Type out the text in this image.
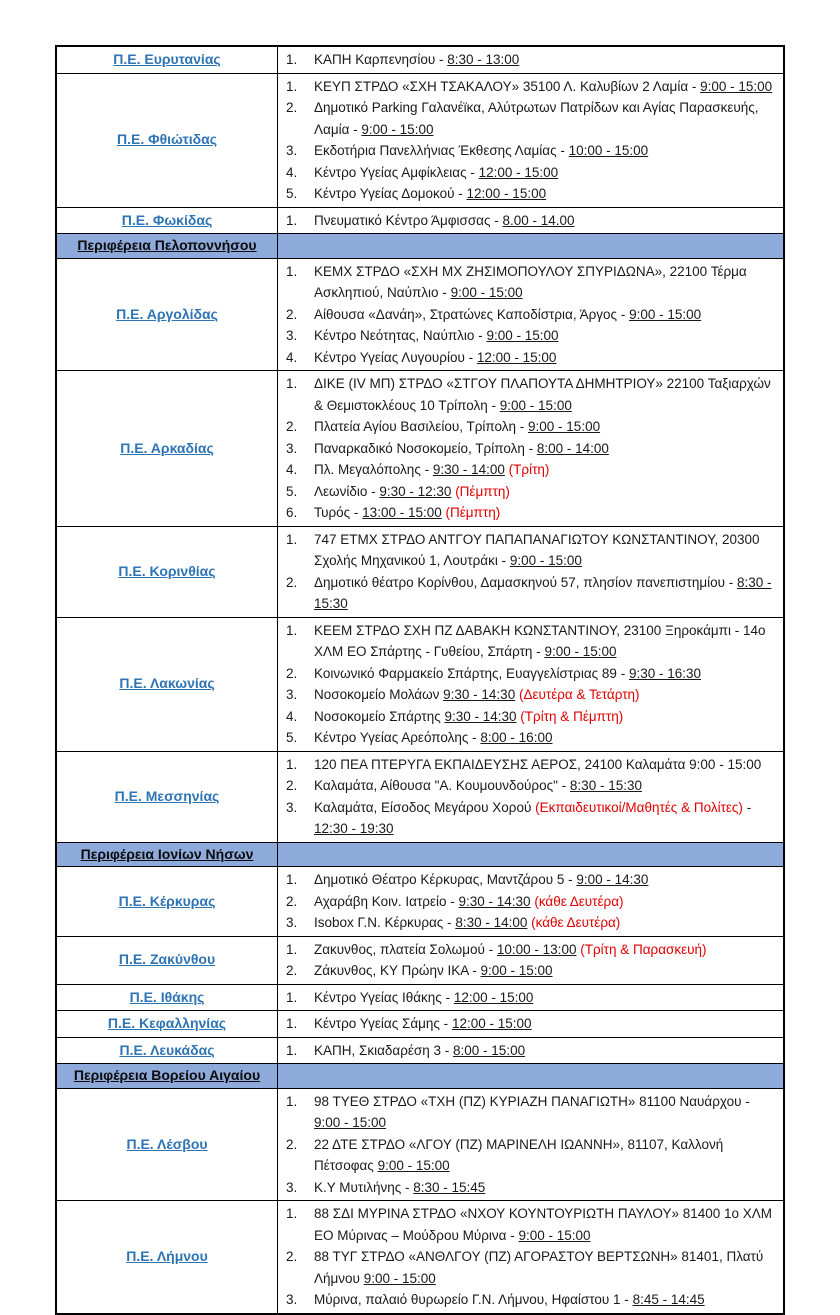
Π.Ε. Ευρυτανίας	1. ΚΑΠΗ Καρπενησίου - 8:30 - 13:00

Π.Ε. Φθιώτιδας	
1.	ΚΕΥΠ ΣΤΡΔΟ «ΣΧΗ ΤΣΑΚΑΛΟΥ» 35100 Λ. Καλυβίων 2 Λαμία - 9:00 - 15:00
2.	Δημοτικό Parking Γαλανέϊκα, Αλύτρωτων Πατρίδων και Αγίας Παρασκευής, Λαμία - 9:00 - 15:00
3.	Εκδοτήρια Πανελλήνιας Έκθεσης Λαμίας - 10:00 - 15:00
4.	Κέντρο Υγείας Αμφίκλειας - 12:00 - 15:00
5.	Κέντρο Υγείας Δομοκού - 12:00 - 15:00

Π.Ε. Φωκίδας	1. Πνευματικό Κέντρο Άμφισσας - 8.00 - 14.00

Περιφέρεια Πελοποννήσου	
Π.Ε. Αργολίδας	
1.	ΚΕΜΧ ΣΤΡΔΟ «ΣΧΗ ΜΧ ΖΗΣΙΜΟΠΟΥΛΟΥ ΣΠΥΡΙΔΩΝΑ», 22100 Τέρμα Ασκληπιού, Ναύπλιο - 9:00 - 15:00
2.	Αίθουσα «Δανάη», Στρατώνες Καποδίστρια, Άργος - 9:00 - 15:00
3.	Κέντρο Νεότητας, Ναύπλιο - 9:00 - 15:00
4.	Κέντρο Υγείας Λυγουρίου - 12:00 - 15:00

Π.Ε. Αρκαδίας	
1.	ΔΙΚΕ (ΙV ΜΠ) ΣΤΡΔΟ «ΣΤΓΟΥ ΠΛΑΠΟΥΤΑ ΔΗΜΗΤΡΙΟΥ» 22100 Ταξιαρχών & Θεμιστοκλέους 10 Τρίπολη - 9:00 - 15:00
2.	Πλατεία Αγίου Βασιλείου, Τρίπολη - 9:00 - 15:00
3.	Παναρκαδικό Νοσοκομείο, Τρίπολη - 8:00 - 14:00
4.	Πλ. Μεγαλόπολης - 9:30 - 14:00 (Τρίτη)
5.	Λεωνίδιο - 9:30 - 12:30 (Πέμπτη)
6.	Τυρός - 13:00 - 15:00 (Πέμπτη)

Π.Ε. Κορινθίας	1. 747 ΕΤΜΧ ΣΤΡΔΟ ΑΝΤΓΟΥ ΠΑΠΑΠΑΝΑΓΙΩΤΟΥ ΚΩΝΣΤΑΝΤΙΝΟΥ, 20300 Σχολής Μηχανικού 1, Λουτράκι - 9:00 - 15:00
2. Δημοτικό θέατρο Κορίνθου, Δαμασκηνού 57, πλησίον πανεπιστημίου - 8:30 - 15:30

Π.Ε. Λακωνίας	
1.	ΚΕΕΜ ΣΤΡΔΟ ΣΧΗ ΠΖ ΔΑΒΑΚΗ ΚΩΝΣΤΑΝΤΙΝΟΥ, 23100 Ξηροκάμπι - 14ο ΧΛΜ ΕΟ Σπάρτης - Γυθείου, Σπάρτη - 9:00 - 15:00
2.	Κοινωνικό Φαρμακείο Σπάρτης, Ευαγγελίστριας 89 - 9:30 - 16:30
3.	Νοσοκομείο Μολάων 9:30 - 14:30 (Δευτέρα & Τετάρτη)
4.	Νοσοκομείο Σπάρτης 9:30 - 14:30 (Τρίτη & Πέμπτη)
5.	Κέντρο Υγείας Αρεόπολης - 8:00 - 16:00

Π.Ε. Μεσσηνίας	
1.	120 ΠΕΑ ΠΤΕΡΥΓΑ ΕΚΠΑΙΔΕΥΣΗΣ ΑΕΡΟΣ, 24100 Καλαμάτα 9:00 - 15:00
2.	Καλαμάτα, Αίθουσα "Α. Κουμουνδούρος" - 8:30 - 15:30
3.	Καλαμάτα, Είσοδος Μεγάρου Χορού (Εκπαιδευτικοί/Μαθητές & Πολίτες) - 12:30 - 19:30

Περιφέρεια Ιονίων Νήσων	
Π.Ε. Κέρκυρας	
1.	Δημοτικό Θέατρο Κέρκυρας, Μαντζάρου 5 - 9:00 - 14:30
2.	Αχαράβη Κοιν. Ιατρείο - 9:30 - 14:30 (κάθε Δευτέρα)
3.	Isobox Γ.Ν. Κέρκυρας - 8:30 - 14:00 (κάθε Δευτέρα)

Π.Ε. Ζακύνθου	1. Ζακυνθος, πλατεία Σολωμού - 10:00 - 13:00 (Τρίτη & Παρασκευή)
2. Ζάκυνθος, ΚΥ Πρώην ΙΚΑ - 9:00 - 15:00

Π.Ε. Ιθάκης	1. Κέντρο Υγείας Ιθάκης - 12:00 - 15:00

Π.Ε. Κεφαλληνίας	1. Κέντρο Υγείας Σάμης - 12:00 - 15:00

Π.Ε. Λευκάδας	1. ΚΑΠΗ, Σκιαδαρέση 3 - 8:00 - 15:00

Περιφέρεια Βορείου Αιγαίου	
Π.Ε. Λέσβου	
1.	98 ΤΥΕΘ ΣΤΡΔΟ «ΤΧΗ (ΠΖ) ΚΥΡΙΑΖΗ ΠΑΝΑΓΙΩΤΗ» 81100 Ναυάρχου - 9:00 - 15:00
2.	22 ΔΤΕ ΣΤΡΔΟ «ΛΓΟΥ (ΠΖ) ΜΑΡΙΝΕΛΗ ΙΩΑΝΝΗ», 81107, Καλλονή Πέτσοφας 9:00 - 15:00
3.	Κ.Υ Μυτιλήνης - 8:30 - 15:45

Π.Ε. Λήμνου	
1.	88 ΣΔΙ ΜΥΡΙΝΑ ΣΤΡΔΟ «ΝΧΟΥ ΚΟΥΝΤΟΥΡΙΩΤΗ ΠΑΥΛΟΥ» 81400 1ο ΧΛΜ ΕΟ Μύρινας – Μούδρου Μύρινα - 9:00 - 15:00
2.	88 ΤΥΓ ΣΤΡΔΟ «ΑΝΘΛΓΟΥ (ΠΖ) ΑΓΟΡΑΣΤΟΥ ΒΕΡΤΣΩΝΗ» 81401, Πλατύ Λήμνου 9:00 - 15:00
3.	Μύρινα, παλαιό θυρωρείο Γ.Ν. Λήμνου, Ηφαίστου 1 - 8:45 - 14:45
